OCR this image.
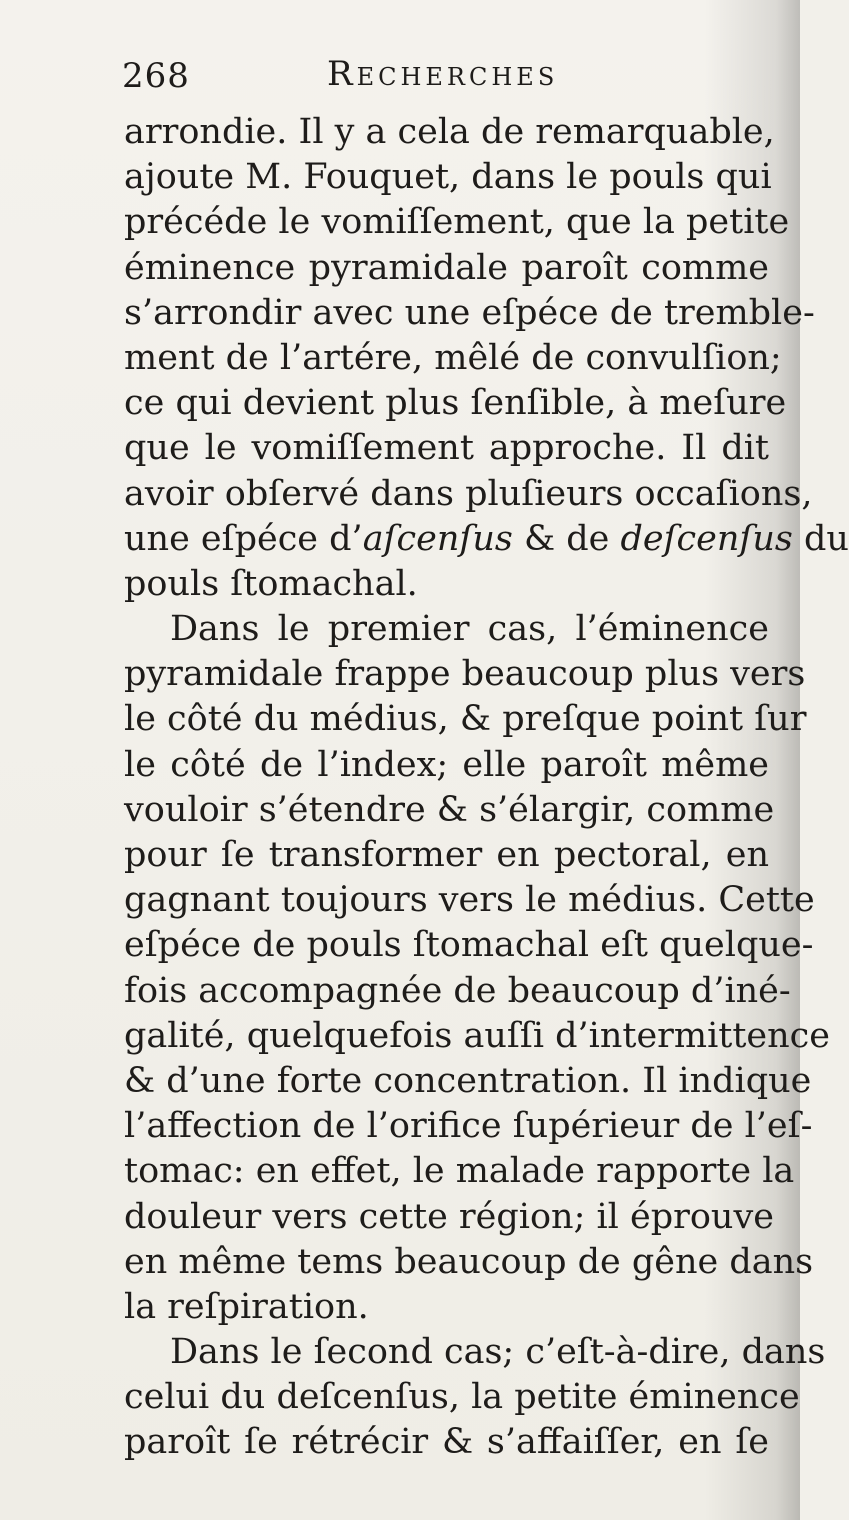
268	Recherches
arrondie. Il y a cela de remarquable,
ajoute M. Fouquet, dans le pouls qui
précéde le vomiſſement, que la petite
éminence pyramidale paroît comme
s’arrondir avec une eſpéce de tremble-
ment de l’artére, mêlé de convulſion;
ce qui devient plus ſenſible, à meſure
que le vomiſſement approche. Il dit
avoir obſervé dans pluſieurs occaſions,
une eſpéce d’aſcenſus & de deſcenſus du
pouls ſtomachal.
Dans le premier cas, l’éminence
pyramidale frappe beaucoup plus vers
le côté du médius, & preſque point ſur
le côté de l’index; elle paroît même
vouloir s’étendre & s’élargir, comme
pour ſe transformer en pectoral, en
gagnant toujours vers le médius. Cette
eſpéce de pouls ſtomachal eſt quelque-
fois accompagnée de beaucoup d’iné-
galité, quelquefois auſſi d’intermittence
& d’une forte concentration. Il indique
l’affection de l’orifice ſupérieur de l’eſ-
tomac: en effet, le malade rapporte la
douleur vers cette région; il éprouve
en même tems beaucoup de gêne dans
la reſpiration.
Dans le ſecond cas; c’eſt-à-dire, dans
celui du deſcenſus, la petite éminence
paroît ſe rétrécir & s’affaiſſer, en ſe
